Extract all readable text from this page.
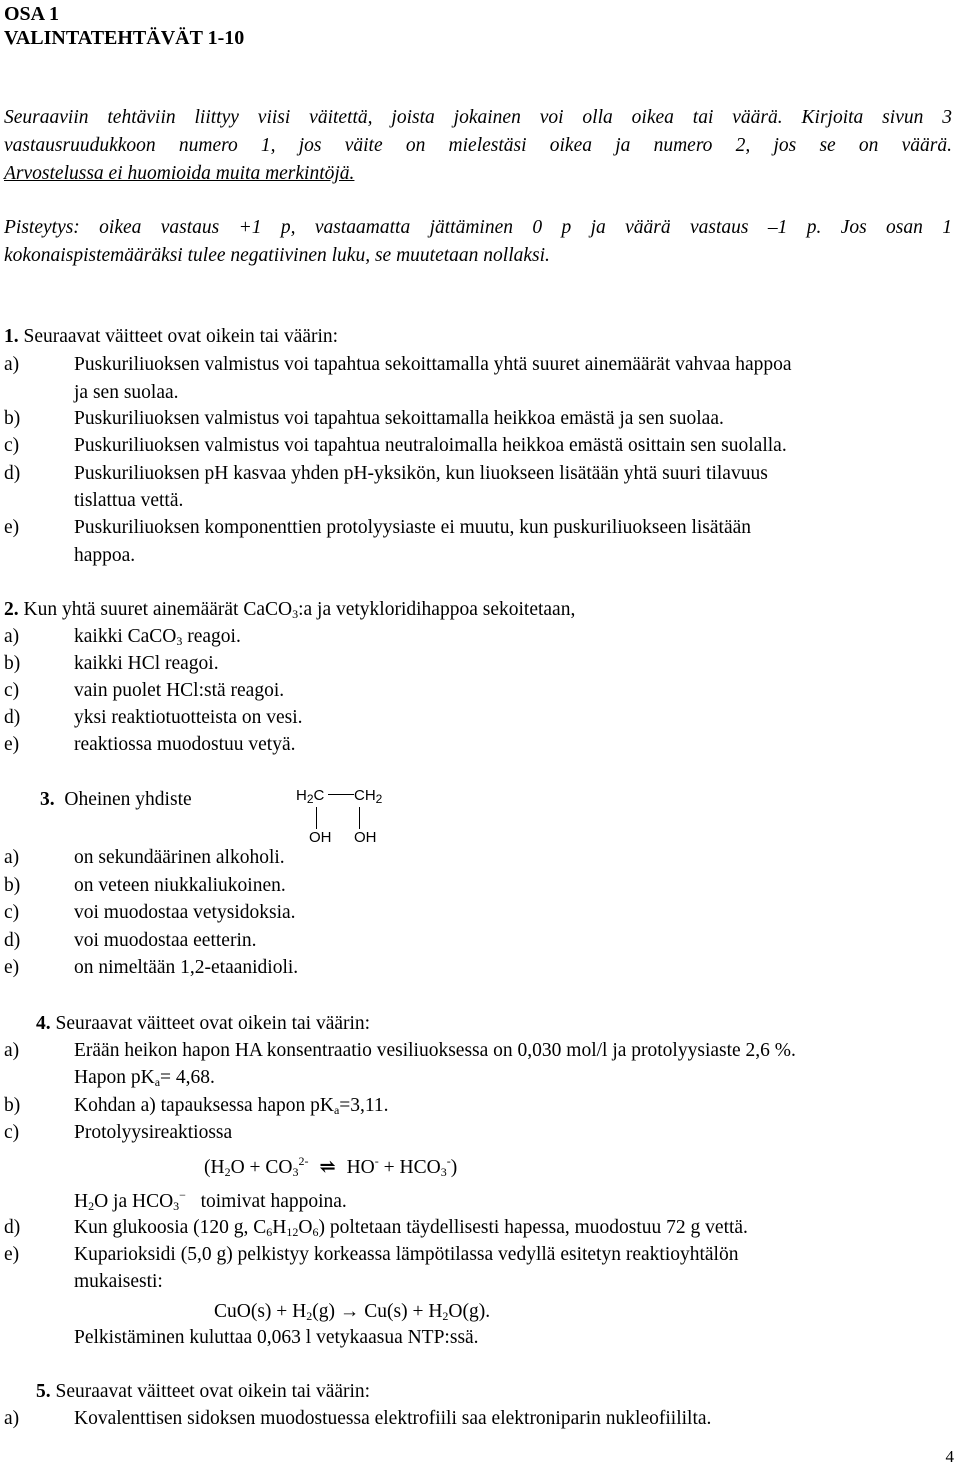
OSA 1
VALINTATEHTÄVÄT 1-10
Seuraaviin tehtäviin liittyy viisi väitettä, joista jokainen voi olla oikea tai väärä. Kirjoita sivun 3
vastausruudukkoon numero 1, jos väite on mielestäsi oikea ja numero 2, jos se on väärä.
Arvostelussa ei huomioida muita merkintöjä.
Pisteytys: oikea vastaus +1 p, vastaamatta jättäminen 0 p ja väärä vastaus –1 p. Jos osan 1
kokonaispistemääräksi tulee negatiivinen luku, se muutetaan nollaksi.
1. Seuraavat väitteet ovat oikein tai väärin:
a)	Puskuriliuoksen valmistus voi tapahtua sekoittamalla yhtä suuret ainemäärät vahvaa happoa
ja sen suolaa.
b)	Puskuriliuoksen valmistus voi tapahtua sekoittamalla heikkoa emästä ja sen suolaa.
c)	Puskuriliuoksen valmistus voi tapahtua neutraloimalla heikkoa emästä osittain sen suolalla.
d)	Puskuriliuoksen pH kasvaa yhden pH-yksikön, kun liuokseen lisätään yhtä suuri tilavuus
tislattua vettä.
e)	Puskuriliuoksen komponenttien protolyysiaste ei muutu, kun puskuriliuokseen lisätään
happoa.
2. Kun yhtä suuret ainemäärät CaCO$_3$:a ja vetykloridihappoa sekoitetaan,
a)	kaikki CaCO$_3$ reagoi.
b)	kaikki HCl reagoi.
c)	vain puolet HCl:stä reagoi.
d)	yksi reaktiotuotteista on vesi.
e)	reaktiossa muodostuu vetyä.
3. Oheinen yhdiste	$H_2C$ $CH_2$
OH OH
a)	on sekundäärinen alkoholi.
b)	on veteen niukkaliukoinen.
c)	voi muodostaa vetysidoksia.
d)	voi muodostaa eetterin.
e)	on nimeltään 1,2-etaanidioli.
4. Seuraavat väitteet ovat oikein tai väärin:
a)	Erään heikon hapon HA konsentraatio vesiliuoksessa on 0,030 mol/l ja protolyysiaste 2,6 %.
Hapon $pK_a= 4,68$.
b)	Kohdan a) tapauksessa hapon $pK_a=3,11$.
c)	Protolyysireaktiossa
($H_2O + CO_3^{2-}$ ⇌ $HO^- + HCO_3^-$)
$H_2O$ ja $HCO_3^-$ toimivat happoina.
d)	Kun glukoosia (120 g, $C_6H_{12}O_6$) poltetaan täydellisesti hapessa, muodostuu 72 g vettä.
e)	Kuparioksidi (5,0 g) pelkistyy korkeassa lämpötilassa vedyllä esitetyn reaktioyhtälön
mukaisesti:
$CuO(s) + H_2(g) \to Cu(s) + H_2O(g)$.
Pelkistäminen kuluttaa 0,063 l vetykaasua NTP:ssä.
5. Seuraavat väitteet ovat oikein tai väärin:
a)	Kovalenttisen sidoksen muodostuessa elektrofiili saa elektroniparin nukleofiililta.
4
